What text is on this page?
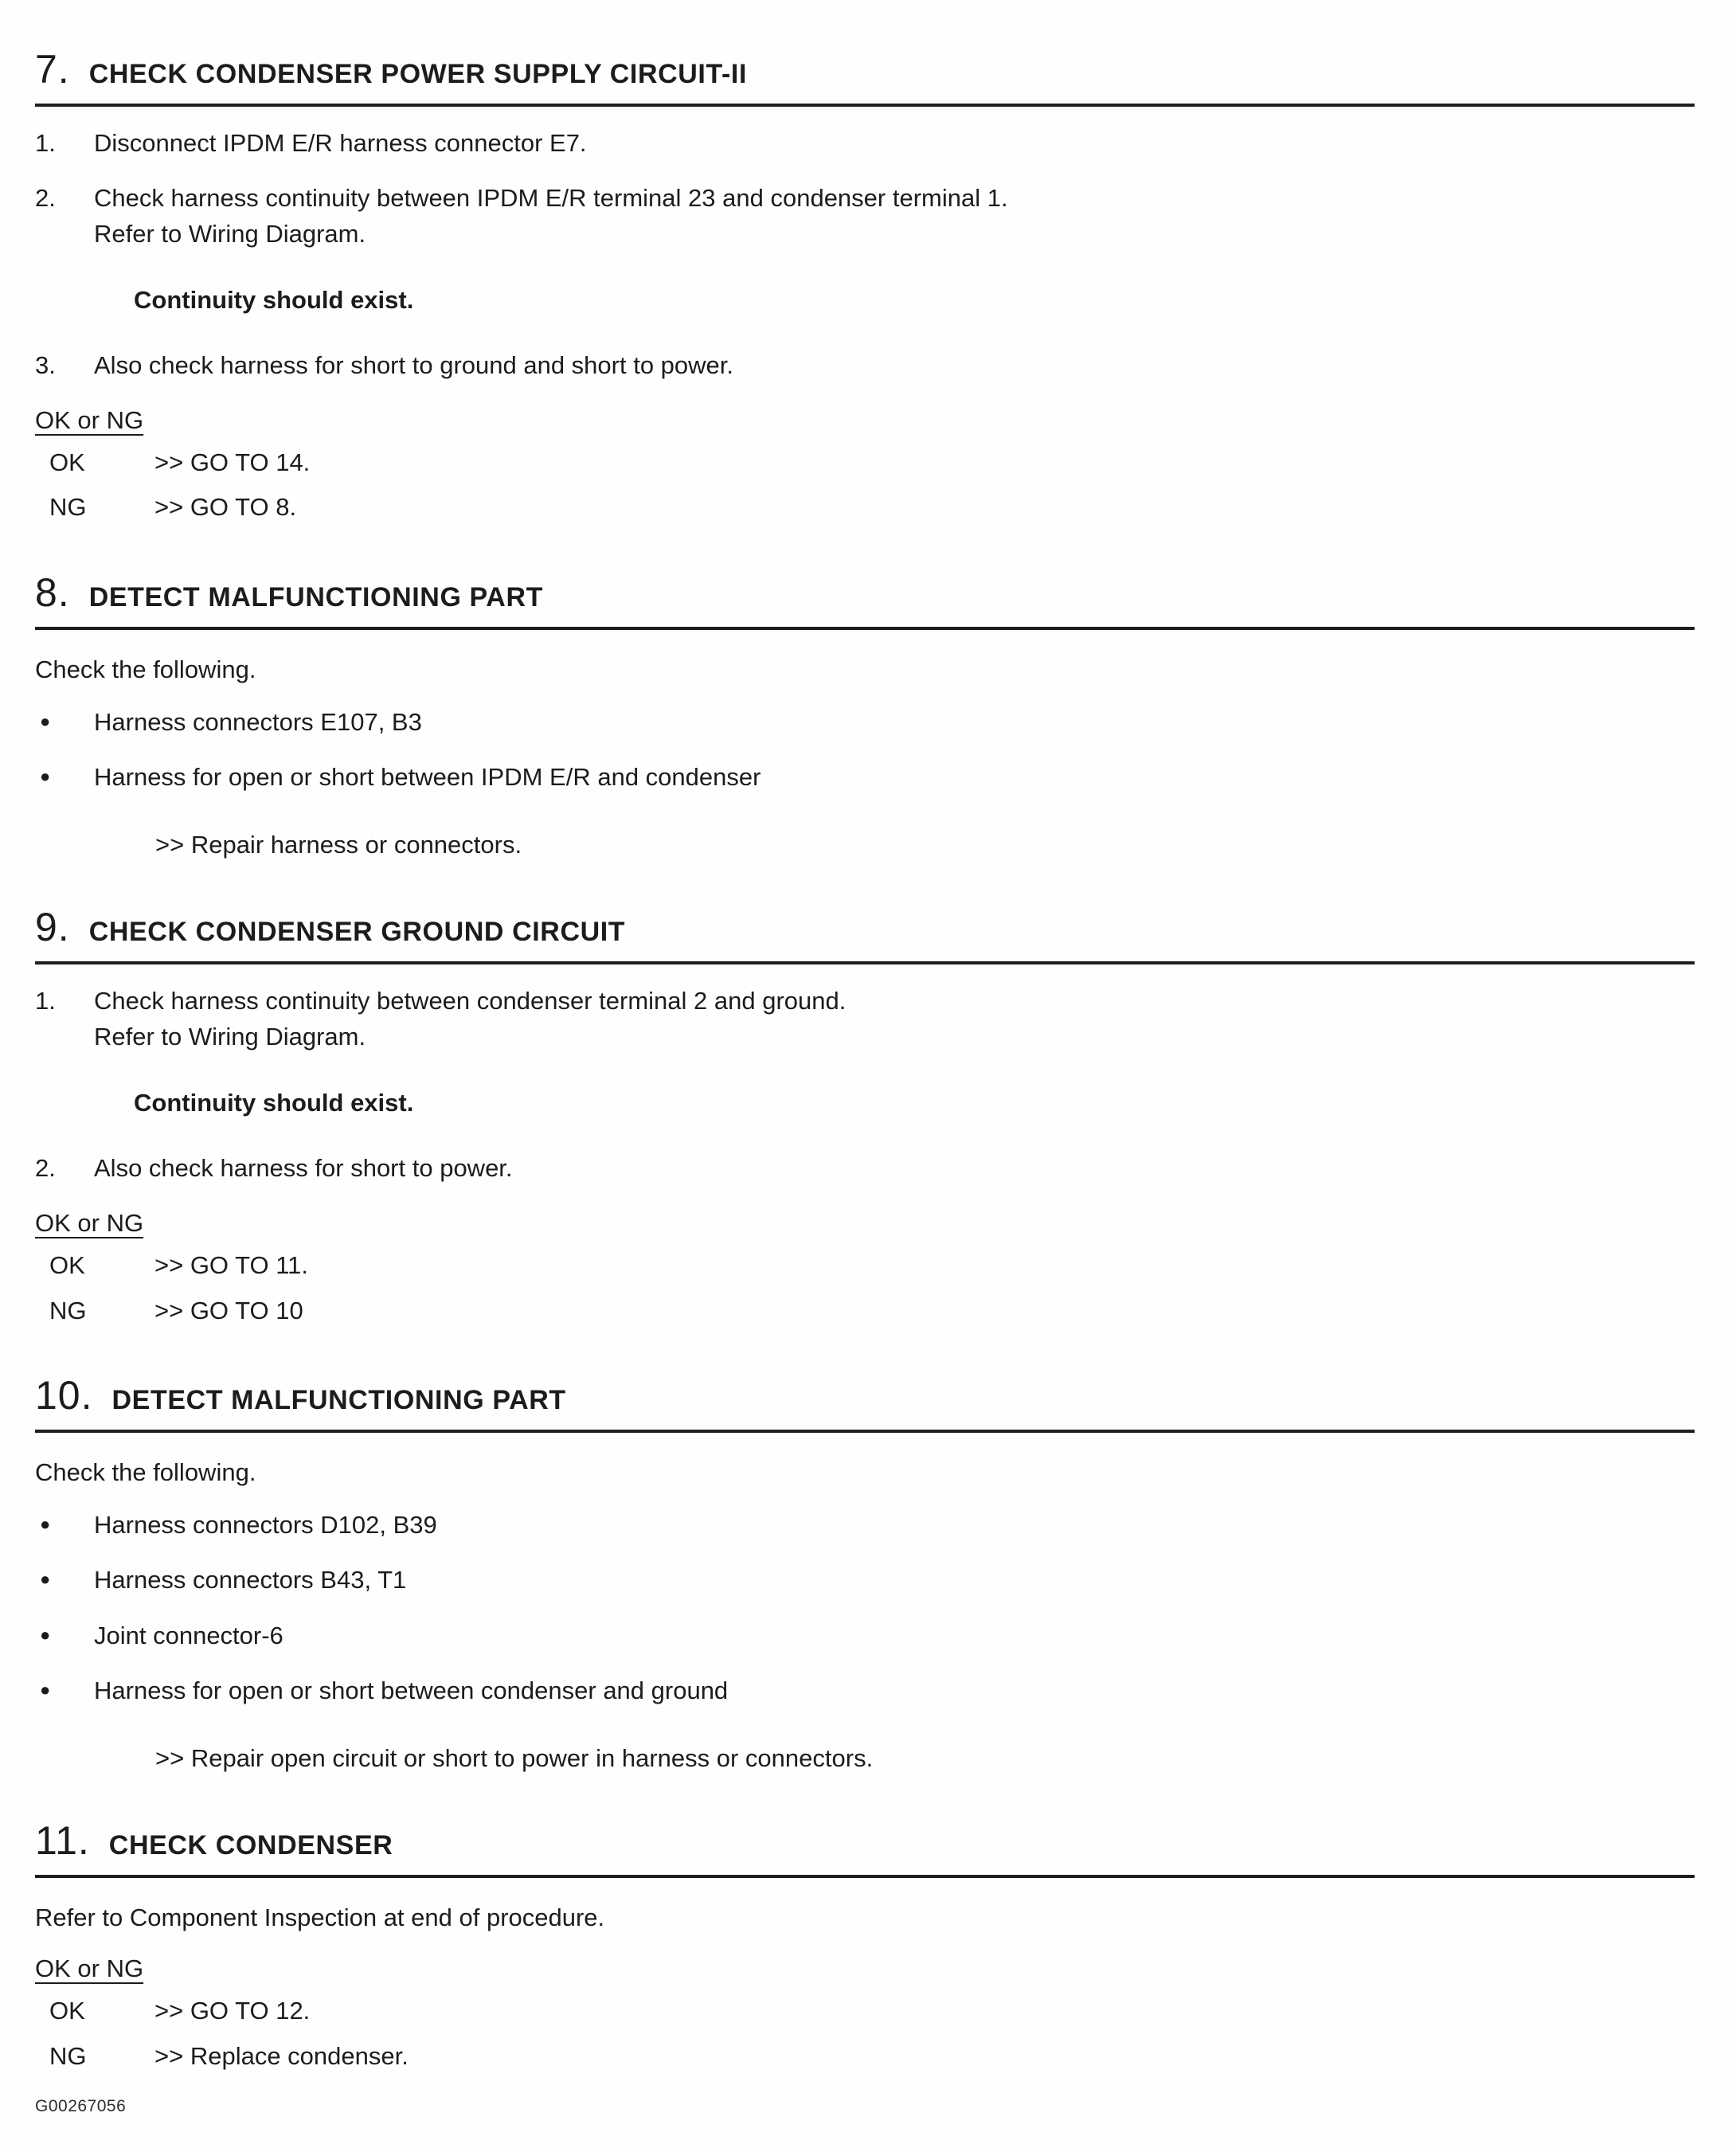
7. CHECK CONDENSER POWER SUPPLY CIRCUIT-II
1.	Disconnect IPDM E/R harness connector E7.
2.	Check harness continuity between IPDM E/R terminal 23 and condenser terminal 1.
Refer to Wiring Diagram.
Continuity should exist.
3.	Also check harness for short to ground and short to power.
OK or NG
OK	>> GO TO 14.
NG	>> GO TO 8.
8. DETECT MALFUNCTIONING PART
Check the following.
●	Harness connectors E107, B3
●	Harness for open or short between IPDM E/R and condenser
>> Repair harness or connectors.
9. CHECK CONDENSER GROUND CIRCUIT
1.	Check harness continuity between condenser terminal 2 and ground.
Refer to Wiring Diagram.
Continuity should exist.
2.	Also check harness for short to power.
OK or NG
OK	>> GO TO 11.
NG	>> GO TO 10
10. DETECT MALFUNCTIONING PART
Check the following.
●	Harness connectors D102, B39
●	Harness connectors B43, T1
●	Joint connector-6
●	Harness for open or short between condenser and ground
>> Repair open circuit or short to power in harness or connectors.
11. CHECK CONDENSER
Refer to Component Inspection at end of procedure.
OK or NG
OK	>> GO TO 12.
NG	>> Replace condenser.
G00267056
